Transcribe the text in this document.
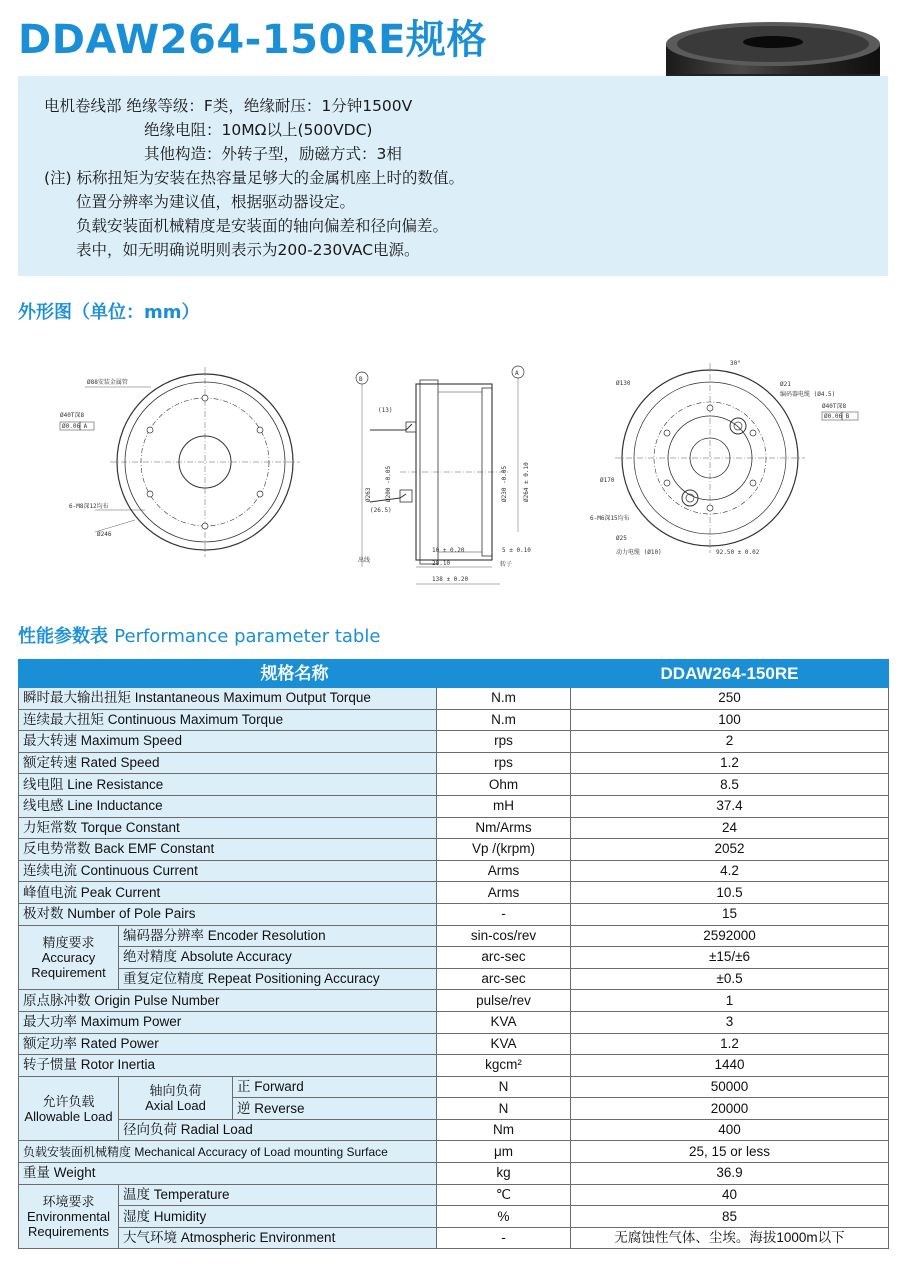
DDAW264-150RE规格
电机卷线部 绝缘等级：F类，绝缘耐压：1分钟1500V
绝缘电阻：10MΩ以上(500VDC)
其他构造：外转子型，励磁方式：3相
(注) 标称扭矩为安装在热容量足够大的金属机座上时的数值。
位置分辨率为建议值，根据驱动器设定。
负载安装面机械精度是安装面的轴向偏差和径向偏差。
表中，如无明确说明则表示为200-230VAC电源。
外形图（单位：mm）
Ø88安装金属管
Ø40T深8
Ø0.06 A
6-M8深12均布
Ø246
B
A
(13)
Ø263 Ø200 -0.05	Ø230 -0.05	Ø264 ± 0.10
(26.5)
10 ± 0.20
28.10
5 ± 0.10
138 ± 0.20
出线
转子
30°
Ø130	Ø21
编码器电缆 (Ø4.5)
Ø40T深8
Ø0.06 B
Ø170
6-M6深15均布
Ø25
动力电缆 (Ø10)	92.50 ± 0.02
性能参数表 Performance parameter table
规格名称				DDAW264-150RE
瞬时最大输出扭矩 Instantaneous Maximum Output Torque			N.m	250
连续最大扭矩 Continuous Maximum Torque			N.m	100
最大转速 Maximum Speed			rps	2
额定转速 Rated Speed			rps	1.2
线电阻 Line Resistance			Ohm	8.5
线电感 Line Inductance			mH	37.4
力矩常数 Torque Constant			Nm/Arms	24
反电势常数 Back EMF Constant			Vp /(krpm)	2052
连续电流 Continuous Current			Arms	4.2
峰值电流 Peak Current			Arms	10.5
极对数 Number of Pole Pairs			-	15
精度要求
Accuracy
Requirement	编码器分辨率 Encoder Resolution		sin-cos/rev	2592000
	绝对精度 Absolute Accuracy		arc-sec	±15/±6
	重复定位精度 Repeat Positioning Accuracy		arc-sec	±0.5
原点脉冲数 Origin Pulse Number			pulse/rev	1
最大功率 Maximum Power			KVA	3
额定功率 Rated Power			KVA	1.2
转子惯量 Rotor Inertia			kgcm²	1440
允许负载
Allowable Load	轴向负荷
Axial Load	正 Forward	N	50000
		逆 Reverse	N	20000
	径向负荷 Radial Load		Nm	400
负载安装面机械精度 Mechanical Accuracy of Load mounting Surface			μm	25, 15 or less
重量 Weight			kg	36.9
环境要求
Environmental
Requirements	温度 Temperature		℃	40
	湿度 Humidity		%	85
	大气环境 Atmospheric Environment		-	无腐蚀性气体、尘埃。海拔1000m以下
